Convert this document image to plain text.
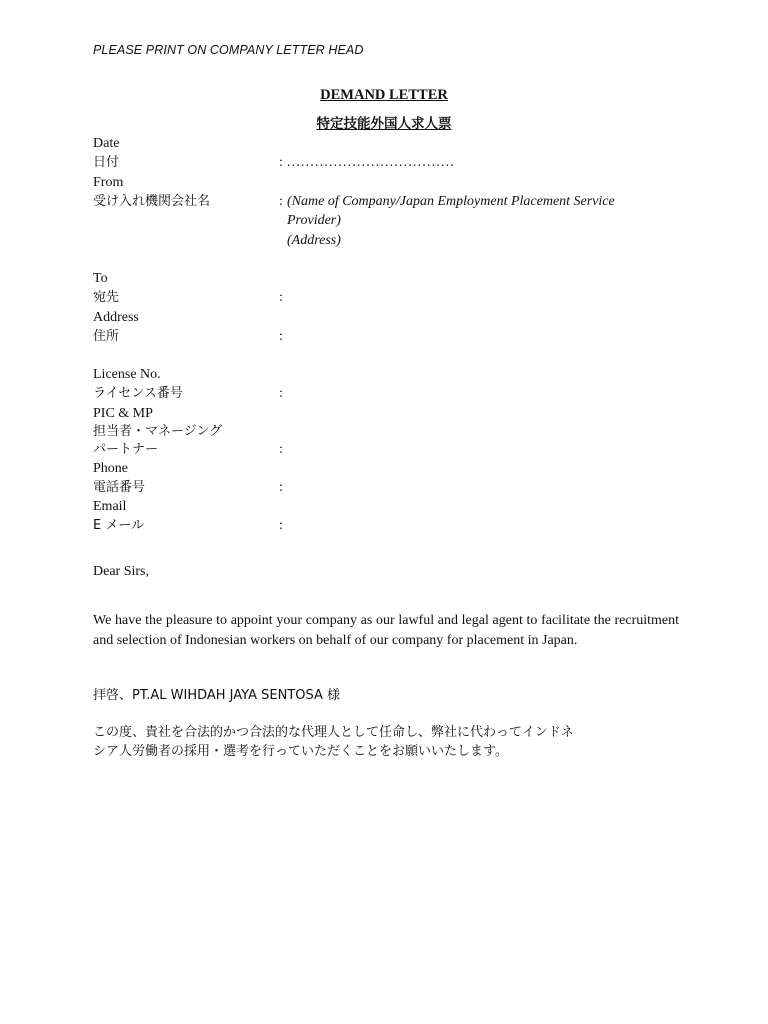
PLEASE PRINT ON COMPANY LETTER HEAD
DEMAND LETTER
特定技能外国人求人票
Date
日付	: ………………………………
From
受け入れ機関会社名	: (Name of Company/Japan Employment Placement Service
Provider)
(Address)
To
宛先	:
Address
住所	:
License No.
ライセンス番号	:
PIC & MP
担当者・マネージング
パートナー	:
Phone
電話番号	:
Email
E メール	:
Dear Sirs,
We have the pleasure to appoint your company as our lawful and legal agent to facilitate the recruitment and selection of Indonesian workers on behalf of our company for placement in Japan.
拝啓、PT.AL WIHDAH JAYA SENTOSA 様
この度、貴社を合法的かつ合法的な代理人として任命し、弊社に代わってインドネ
シア人労働者の採用・選考を行っていただくことをお願いいたします。
